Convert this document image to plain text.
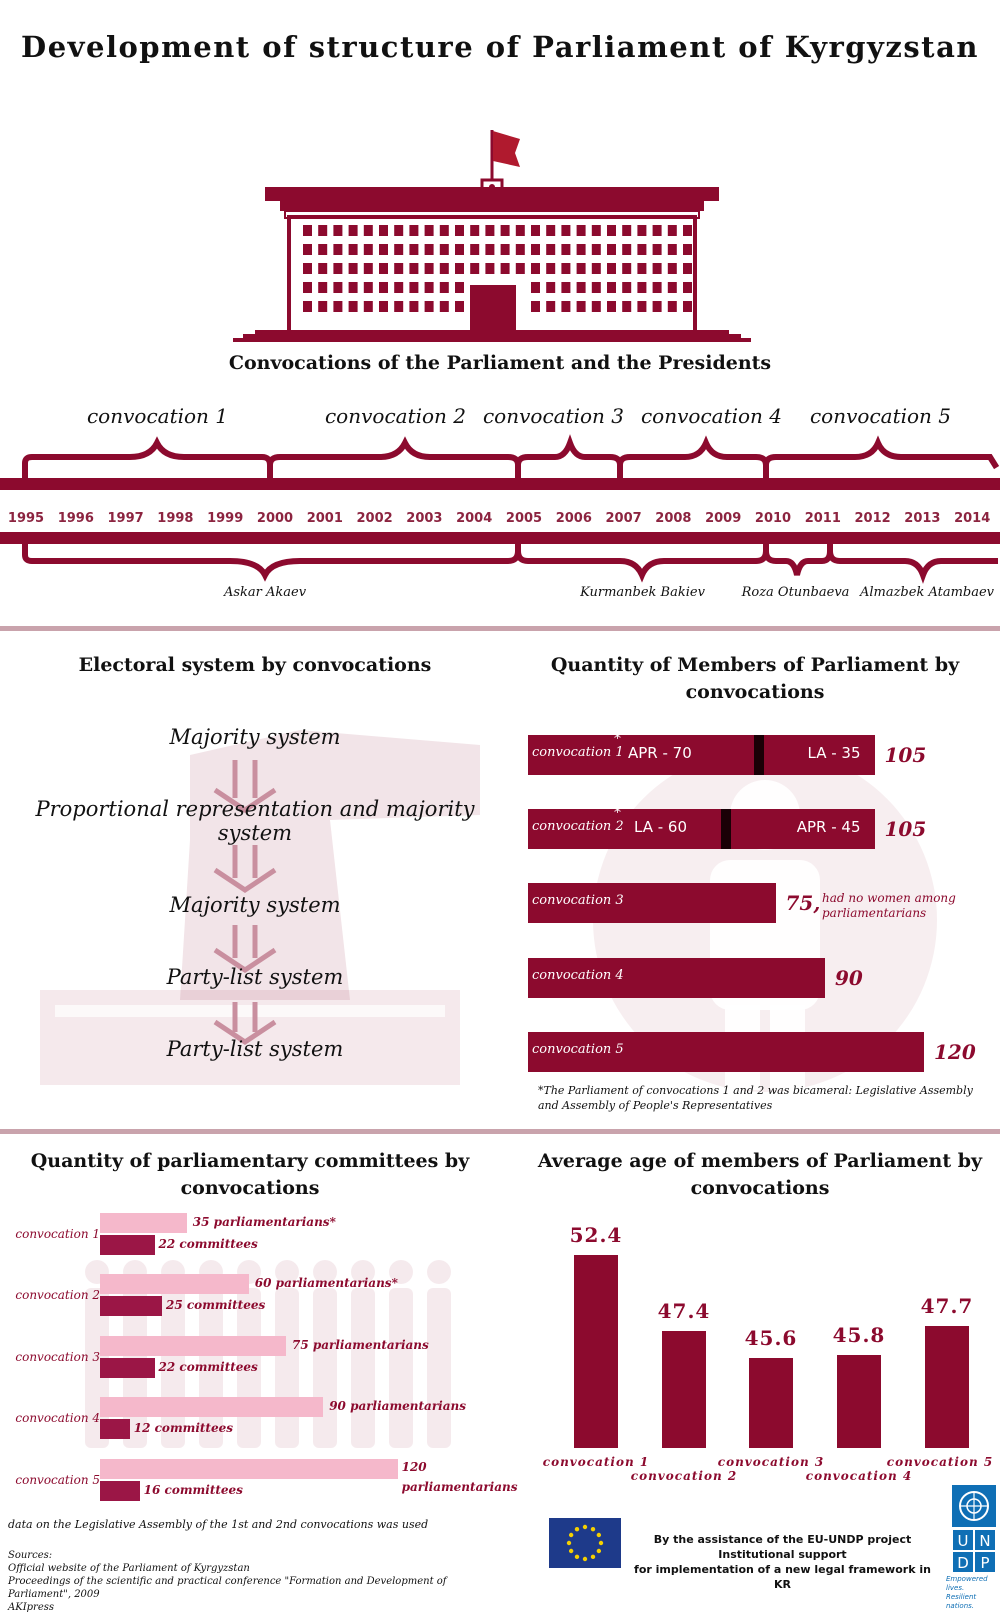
Development of structure of Parliament of Kyrgyzstan
Convocations of the Parliament and the Presidents
convocation 1	convocation 2 convocation 3 convocation 4	convocation 5
1995	1996	1997	1998	1999	2000	2001	2002	2003	2004	2005	2006	2007	2008	2009	2010	2011	2012	2013	2014
Askar Akaev	Kurmanbek Bakiev	Roza Otunbaeva Almazbek Atambaev
Electoral system by convocations
Majority system
Proportional representation and majority system
Majority system
Party-list system
Party-list system
Quantity of Members of Parliament by convocations
convocation 1
*
APR - 70	LA - 35 105
convocation 2
*
LA - 60	APR - 45 105
convocation 3	75,
convocation 4	90
convocation 5	120
had no women among parliamentarians
*The Parliament of convocations 1 and 2 was bicameral: Legislative Assembly and Assembly of People's Representatives
Quantity of parliamentary committees by convocations
convocation 1
35 parliamentarians*
22 committees
convocation 2
60 parliamentarians*
25 committees
convocation 3
75 parliamentarians
22 committees
convocation 4
90 parliamentarians
12 committees
convocation 5
120
parliamentarians
16 committees
data on the Legislative Assembly of the 1st and 2nd convocations was used
Average age of members of Parliament by convocations
52.4
convocation 1
47.4
convocation 2
45.6
convocation 3
45.8
convocation 4
47.7
convocation 5
Sources:
Official website of the Parliament of Kyrgyzstan
Proceedings of the scientific and practical conference "Formation and Development of Parliament", 2009
AKIpress
By the assistance of the EU-UNDP project Institutional support
for implementation of a new legal framework in KR
U N
D P
Empowered lives.
Resilient nations.
